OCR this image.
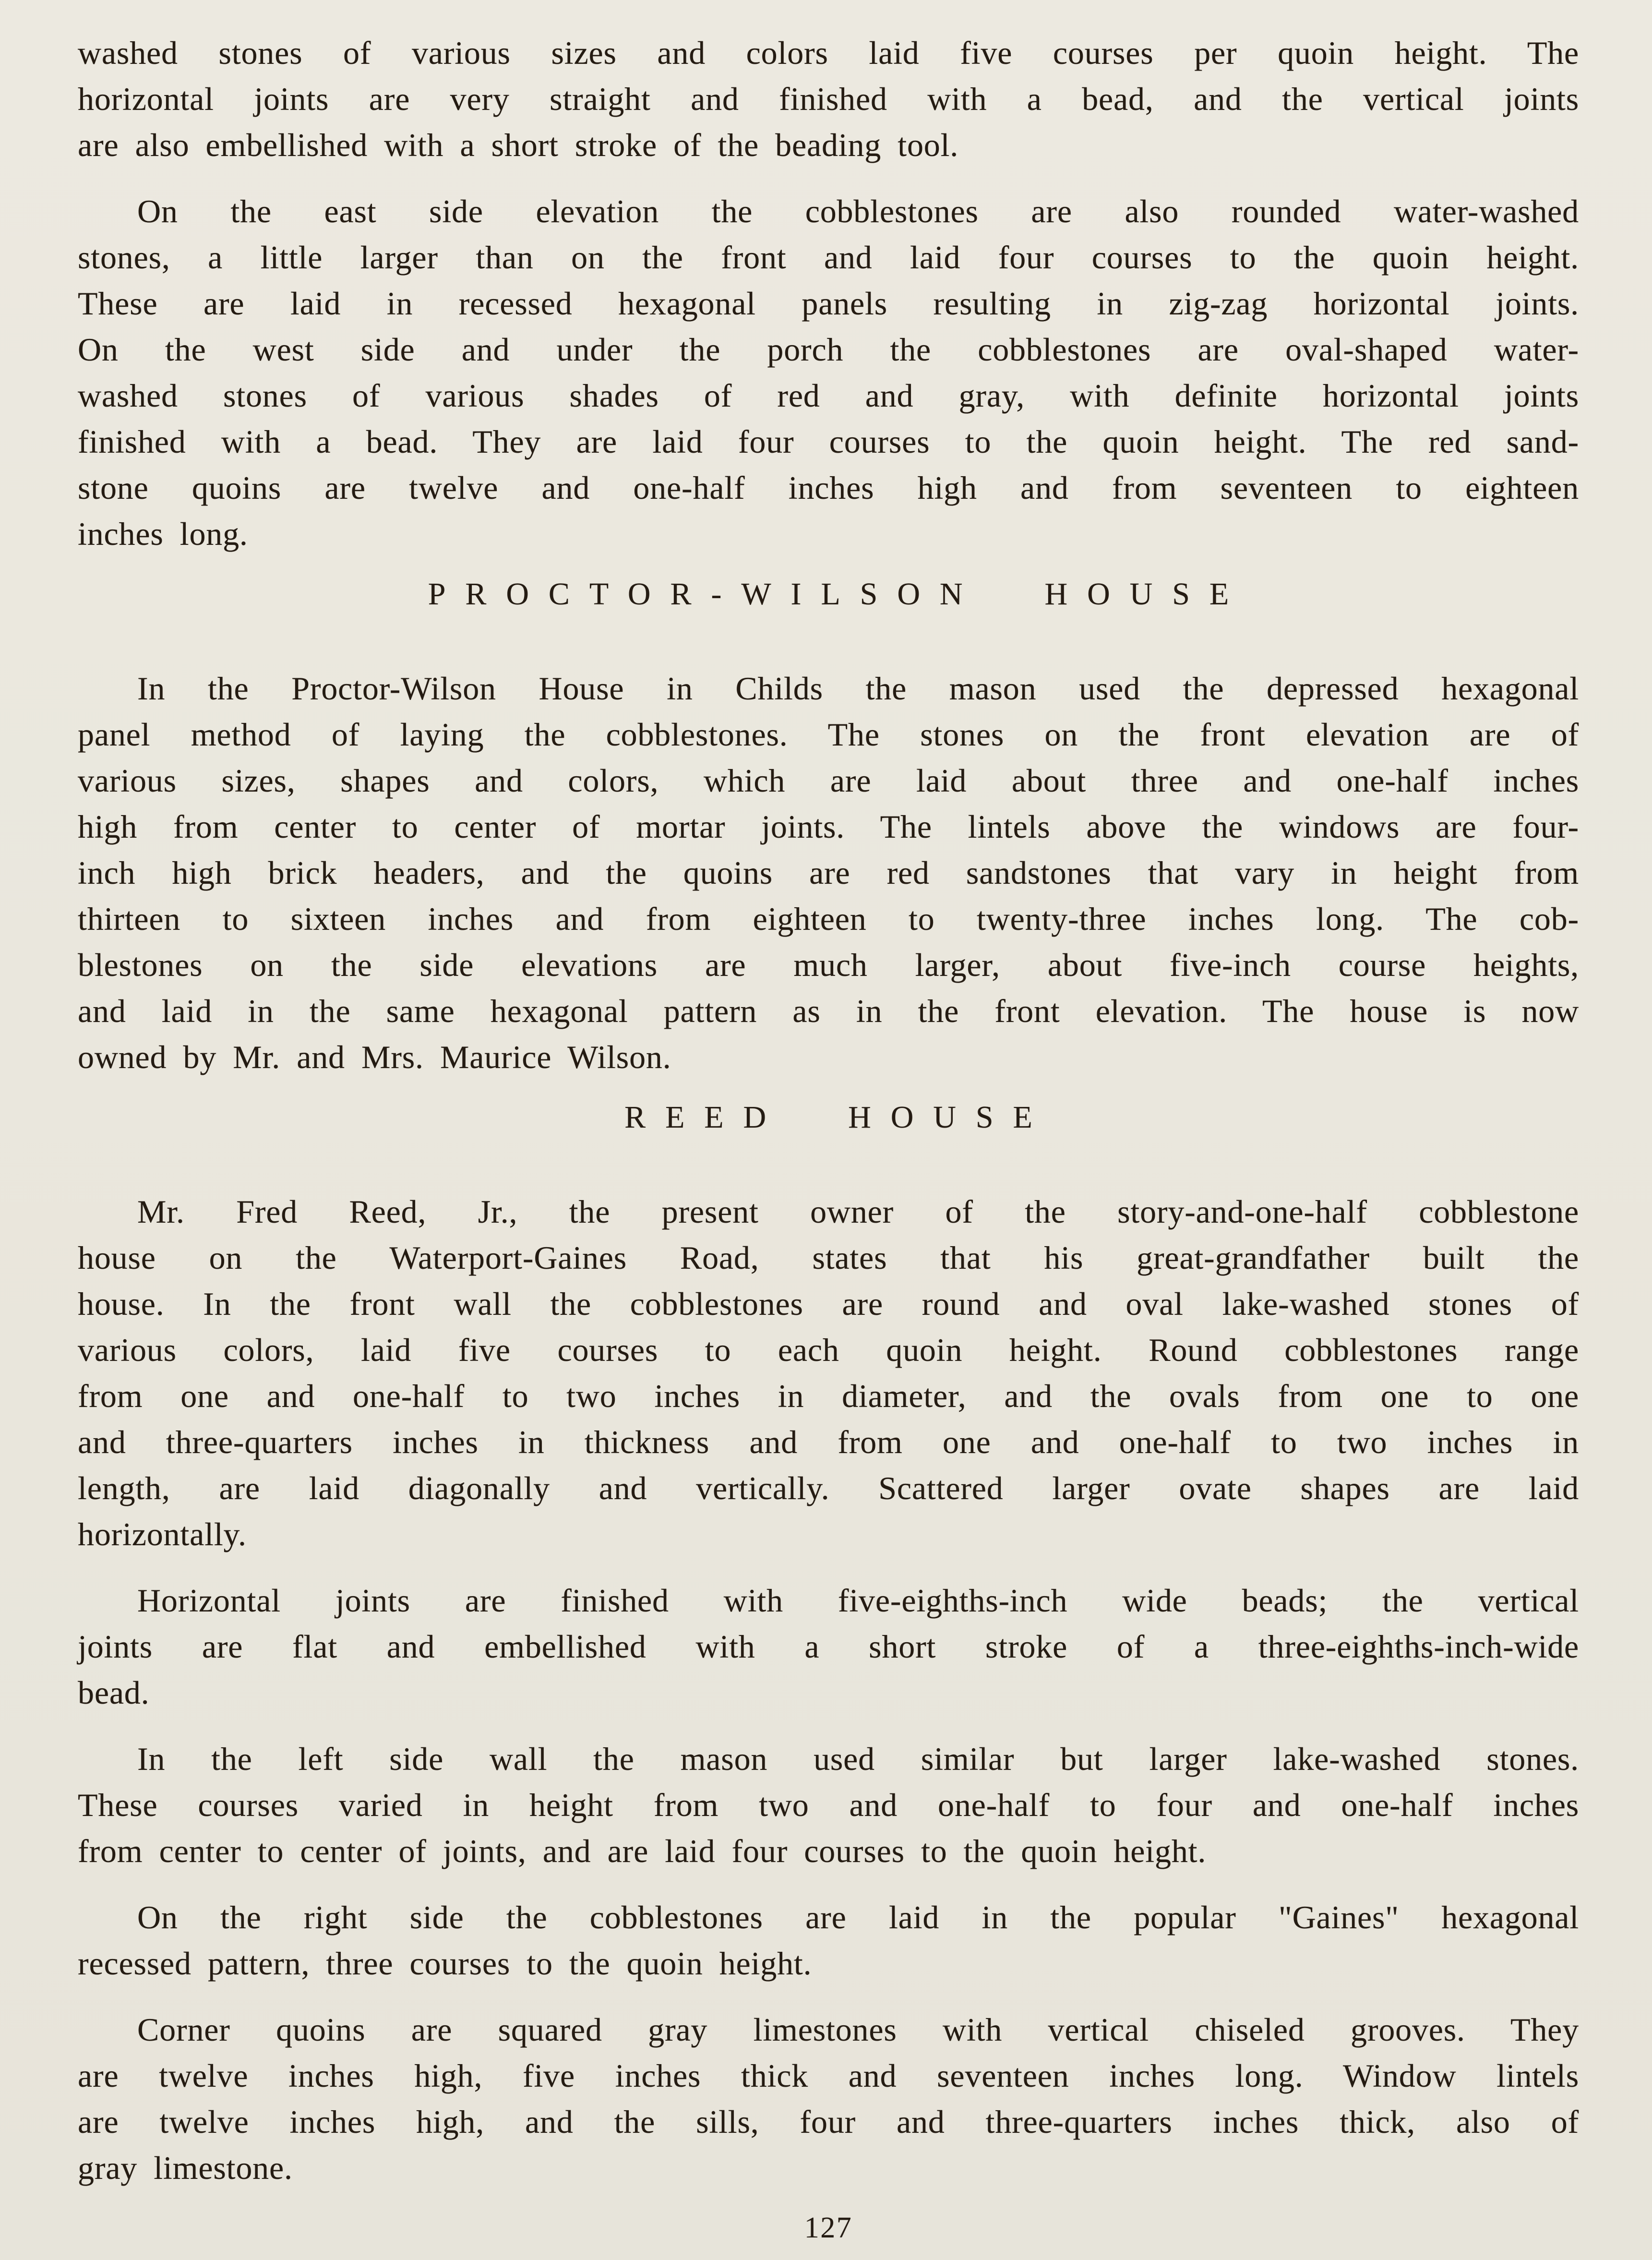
washed stones of various sizes and colors laid five courses per quoin height. The
horizontal joints are very straight and finished with a bead, and the vertical joints
are also embellished with a short stroke of the beading tool.
On the east side elevation the cobblestones are also rounded water-washed
stones, a little larger than on the front and laid four courses to the quoin height.
These are laid in recessed hexagonal panels resulting in zig-zag horizontal joints.
On the west side and under the porch the cobblestones are oval-shaped water-
washed stones of various shades of red and gray, with definite horizontal joints
finished with a bead. They are laid four courses to the quoin height. The red sand-
stone quoins are twelve and one-half inches high and from seventeen to eighteen
inches long.
PROCTOR-WILSON HOUSE
In the Proctor-Wilson House in Childs the mason used the depressed hexagonal
panel method of laying the cobblestones. The stones on the front elevation are of
various sizes, shapes and colors, which are laid about three and one-half inches
high from center to center of mortar joints. The lintels above the windows are four-
inch high brick headers, and the quoins are red sandstones that vary in height from
thirteen to sixteen inches and from eighteen to twenty-three inches long. The cob-
blestones on the side elevations are much larger, about five-inch course heights,
and laid in the same hexagonal pattern as in the front elevation. The house is now
owned by Mr. and Mrs. Maurice Wilson.
REED HOUSE
Mr. Fred Reed, Jr., the present owner of the story-and-one-half cobblestone
house on the Waterport-Gaines Road, states that his great-grandfather built the
house. In the front wall the cobblestones are round and oval lake-washed stones of
various colors, laid five courses to each quoin height. Round cobblestones range
from one and one-half to two inches in diameter, and the ovals from one to one
and three-quarters inches in thickness and from one and one-half to two inches in
length, are laid diagonally and vertically. Scattered larger ovate shapes are laid
horizontally.
Horizontal joints are finished with five-eighths-inch wide beads; the vertical
joints are flat and embellished with a short stroke of a three-eighths-inch-wide
bead.
In the left side wall the mason used similar but larger lake-washed stones.
These courses varied in height from two and one-half to four and one-half inches
from center to center of joints, and are laid four courses to the quoin height.
On the right side the cobblestones are laid in the popular "Gaines" hexagonal
recessed pattern, three courses to the quoin height.
Corner quoins are squared gray limestones with vertical chiseled grooves. They
are twelve inches high, five inches thick and seventeen inches long. Window lintels
are twelve inches high, and the sills, four and three-quarters inches thick, also of
gray limestone.
127
